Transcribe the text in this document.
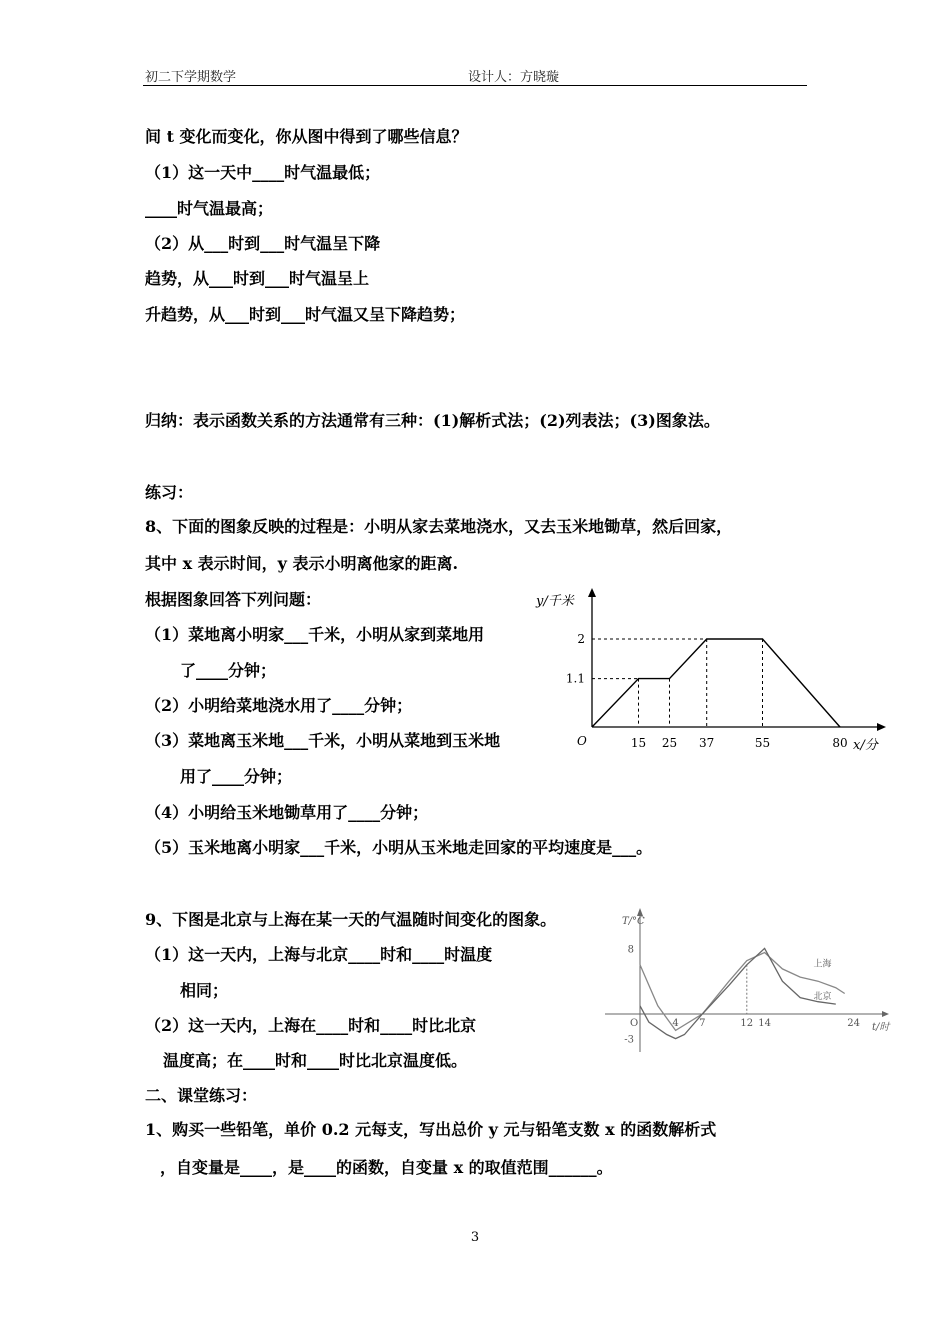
初二下学期数学	设计人：方晓璇
间 t 变化而变化，你从图中得到了哪些信息？
（1）这一天中____时气温最低；
____时气温最高；
（2）从___时到___时气温呈下降
趋势，从___时到___时气温呈上
升趋势，从___时到___时气温又呈下降趋势；
归纳：表示函数关系的方法通常有三种：(1)解析式法；(2)列表法；(3)图象法。
练习：
8、下面的图象反映的过程是：小明从家去菜地浇水，又去玉米地锄草，然后回家，
其中 x 表示时间，y 表示小明离他家的距离.
根据图象回答下列问题：
（1）菜地离小明家___千米，小明从家到菜地用
了____分钟；
（2）小明给菜地浇水用了____分钟；
（3）菜地离玉米地___千米，小明从菜地到玉米地
用了____分钟；
（4）小明给玉米地锄草用了____分钟；
（5）玉米地离小明家___千米，小明从玉米地走回家的平均速度是___。
9、下图是北京与上海在某一天的气温随时间变化的图象。
（1）这一天内，上海与北京____时和____时温度
相同；
（2）这一天内，上海在____时和____时比北京
温度高；在____时和____时比北京温度低。
二、课堂练习：
1、购买一些铅笔，单价 0.2 元每支，写出总价 y 元与铅笔支数 x 的函数解析式
，自变量是____，是____的函数，自变量 x 的取值范围______。
y/千米
x/分
O
1.1
2
15 25 37	55	80
T/°C
t/时
O	4 7	12 14	24
8
-3
上海
北京
3
